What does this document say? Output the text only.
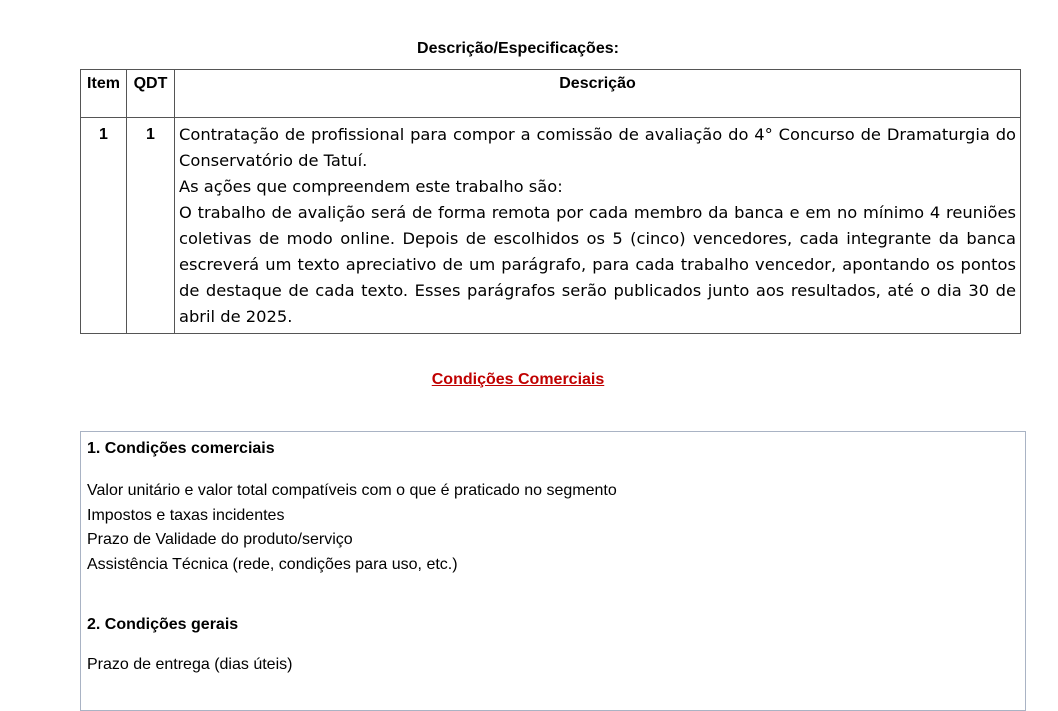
Descrição/Especificações:
Item	QDT	Descrição
1	1	Contratação de profissional para compor a comissão de avaliação do 4° Concurso de Dramaturgia do Conservatório de Tatuí.

As ações que compreendem este trabalho são:

O trabalho de avalição será de forma remota por cada membro da banca e em no mínimo 4 reuniões coletivas de modo online. Depois de escolhidos os 5 (cinco) vencedores, cada integrante da banca escreverá um texto apreciativo de um parágrafo, para cada trabalho vencedor, apontando os pontos de destaque de cada texto. Esses parágrafos serão publicados junto aos resultados, até o dia 30 de abril de 2025.

Condições Comerciais

1. Condições comerciais

Valor unitário e valor total compatíveis com o que é praticado no segmento
Impostos e taxas incidentes
Prazo de Validade do produto/serviço
Assistência Técnica (rede, condições para uso, etc.)

2. Condições gerais

Prazo de entrega (dias úteis)
